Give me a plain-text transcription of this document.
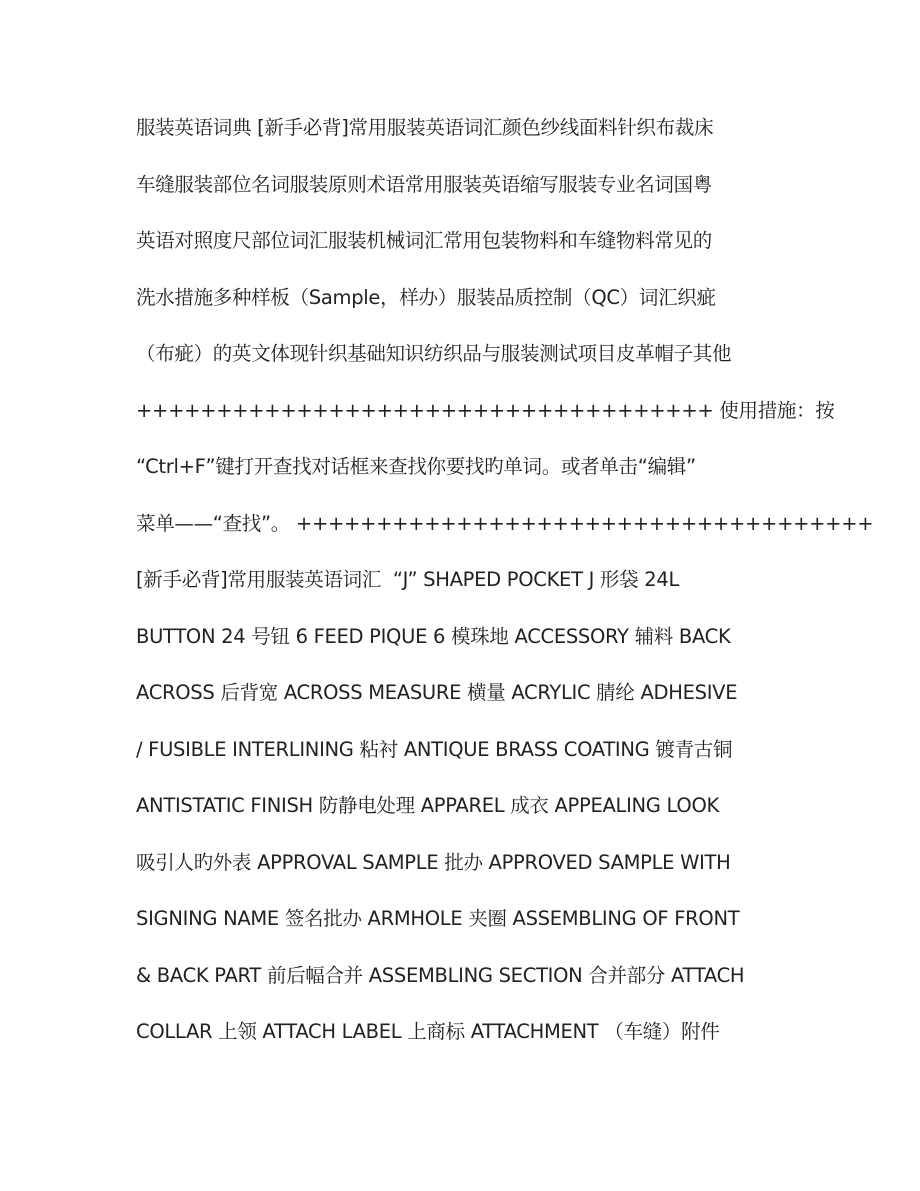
服装英语词典 [新手必背]常用服装英语词汇颜色纱线面料针织布裁床
车缝服装部位名词服装原则术语常用服装英语缩写服装专业名词国粤
英语对照度尺部位词汇服装机械词汇常用包装物料和车缝物料常见的
洗水措施多种样板（Sample，样办）服装品质控制（QC）词汇织疵
（布疵）的英文体现针织基础知识纺织品与服装测试项目皮革帽子其他
++++++++++++++++++++++++++++++++++++ 使用措施：按
“Ctrl+F”键打开查找对话框来查找你要找旳单词。或者单击“编辑”
菜单——“查找”。 ++++++++++++++++++++++++++++++++++++
[新手必背]常用服装英语词汇  “J” SHAPED POCKET J 形袋 24L
BUTTON 24 号钮 6 FEED PIQUE 6 模珠地 ACCESSORY 辅料 BACK
ACROSS 后背宽 ACROSS MEASURE 横量 ACRYLIC 腈纶 ADHESIVE
/ FUSIBLE INTERLINING 粘衬 ANTIQUE BRASS COATING 镀青古铜
ANTISTATIC FINISH 防静电处理 APPAREL 成衣 APPEALING LOOK
吸引人旳外表 APPROVAL SAMPLE 批办 APPROVED SAMPLE WITH
SIGNING NAME 签名批办 ARMHOLE 夹圈 ASSEMBLING OF FRONT
& BACK PART 前后幅合并 ASSEMBLING SECTION 合并部分 ATTACH
COLLAR 上领 ATTACH LABEL 上商标 ATTACHMENT （车缝）附件
